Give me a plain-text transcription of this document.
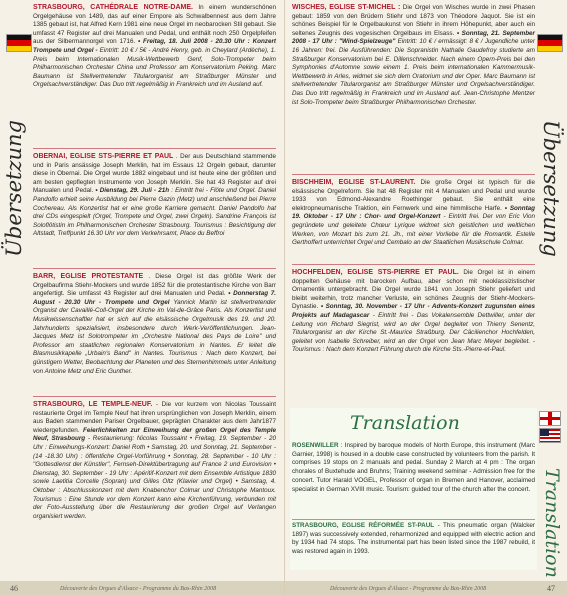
Übersetzung
STRASBOURG, CATHÉDRALE NOTRE-DAME. In einem wunderschönen Orgelgehäuse von 1489, das auf einer Empore als Schwalbennest aus dem Jahre 1385 gebaut ist, hat Alfred Kern 1981 eine neue Orgel im neobarocken Stil gebaut. Sie umfasst 47 Register auf drei Manualen und Pedal, und enthält noch 250 Orgelpfeifen aus der Silbermannorgel von 1716. • Freitag, 18. Juli 2008 - 20.30 Uhr : Konzert Trompete und Orgel - Eintritt: 10 € / 5€ - André Henry, geb. in Cheylard (Ardèche), 1. Preis beim Internationalen Musik-Wettbewerb Genf, Solo-Trompeter beim Philharmonischen Orchester China und Professor am Konservatorium Peking. Marc Baumann ist Stellvertretender Titularorganist am Straßburger Münster und Orgelsachverständiger. Das Duo tritt regelmäßig in Frankreich und im Ausland auf.
OBERNAI, EGLISE STS-PIERRE ET PAUL . Der aus Deutschland stammende und in Paris ansässige Joseph Merklin, hat im Essaus 12 Orgeln gebaut, darunter diese in Obernai. Die Orgel wurde 1882 eingebaut und ist heute eine der größten und am besten gepflegten Instrumente von Joseph Merklin. Sie hat 43 Register auf drei Manualen und Pedal. • Dienstag, 29. Juli - 21h : Eintritt frei - Flöte und Orgel. Daniel Pandolfo erhielt seine Ausbildung bei Pierre Gazin (Metz) und anschließend bei Pierre Cochereau. Als Konzertist hat er eine große Karriere gemacht. Daniel Pandolfo hat drei CDs eingespielt (Orgel, Trompete und Orgel, zwei Orgeln). Sandrine François ist Soloflötistin im Philharmonischen Orchester Strasbourg. Tourismus : Besichtigung der Altstadt, Treffpunkt 16.30 Uhr vor dem Verkehrsamt, Place du Beffroi
BARR, EGLISE PROTESTANTE . Diese Orgel ist das größte Werk der Orgelbaufirma Stiehr-Mockers und wurde 1852 für die protestantische Kirche von Barr angefertigt. Sie umfasst 43 Register auf drei Manualen und Pedal. • Donnerstag 7. August - 20.30 Uhr - Trompete und Orgel Yannick Martin ist stellvertretender Organist der Cavaillé-Coll-Orgel der Kirche im Val-de-Grâce Paris. Als Konzertist und Musikwissenschaftler hat er sich auf die elsässische Orgelmusik des 19. und 20. Jahrhunderts spezialisiert, insbesondere durch Werk-Veröffentlichungen. Jean-Jacques Metz ist Solotrompeter im „Orchestre National des Pays de Loire" und Professor am staatlichen regionalen Konservatorium in Nantes. Er leitet die Blasmusikkapelle „Urbain's Band" in Nantes. Tourismus : Nach dem Konzert, bei günstigem Wetter, Beobachtung der Planeten und des Sternenhimmels unter Anleitung von Antoine Metz und Eric Gunther.
STRASBOURG, LE TEMPLE-NEUF. - Die vor kurzem von Nicolas Toussaint restaurierte Orgel im Temple Neuf hat ihren ursprünglichen von Joseph Merklin, einem aus Baden stammenden Pariser Orgelbauer, geprägten Charakter aus dem Jahr1877 wiedergefunden. Feierlichkeiten zur Einweihung der großen Orgel des Temple Neuf, Strasbourg - Restaurierung: Nicolas Toussaint • Freitag, 19. September - 20 Uhr : Einweihungs-Konzert: Daniel Roth • Samstag, 20. und Sonntag, 21. September - (14 -18.30 Uhr) : öffentliche Orgel-Vorführung • Sonntag, 28. September - 10 Uhr : "Gottesdienst der Künstler", Fernseh-Direktübertragung auf France 2 und Eurovision • Dienstag, 30. September - 19 Uhr : Apéritif-Konzert mit dem Ensemble Artistique 1830 sowie Laetitia Corcelle (Sopran) und Gilles Oltz (Klavier und Orgel) • Samstag, 4. Oktober : Abschlusskonzert mit dem Knabenchor Colmar und Christophe Mantoux. Tourismus : Eine Stunde vor dem Konzert kann eine Kirchenführung, verbunden mit der Foto-Ausstellung über die Restaurierung der großen Orgel auf Verlangen organisiert werden.
46	Découverte des Orgues d'Alsace - Programme du Bas-Rhin 2008
Übersetzung
Translation
WISCHES, EGLISE ST-MICHEL : Die Orgel von Wisches wurde in zwei Phasen gebaut: 1859 von den Brüdern Stiehr und 1873 von Théodore Jaquot. Sie ist ein schönes Beispiel für le Orgelbaukunst von Stiehr in ihrem Höhepunkt, aber auch ein seltenes Zeugnis des vogesischen Orgelbaus im Elsass. • Sonntag, 21. September 2008 - 17 Uhr : "Wind-Spielzeuge" Eintritt: 10 € / ermässigt: 8 € / Jugendliche unter 16 Jahren: frei. Die Ausführenden: Die Sopranistin Nathalie Gaudefroy studierte am Straßburger Konservatorium bei E. Dillenschneider. Nach einem Opern-Preis bei den Symphonies d'Automne sowie einem 1. Preis beim internationalen Kammermusik-Wettbewerb in Arles, widmet sie sich dem Oratorium und der Oper. Marc Baumann ist stellvertretender Titularorganist am Straßburger Münster und Orgelsachverständiger. Das Duo tritt regelmäßig in Frankreich und im Ausland auf. Jean-Christophe Mentzer ist Solo-Trompeter beim Straßburger Philharmonischen Orchester.
BISCHHEIM, EGLISE ST-LAURENT. Die große Orgel ist typisch für die elsässische Orgelreform. Sie hat 48 Register mit 4 Manualen und Pedal und wurde 1933 von Edmond-Alexandre Roethinger gebaut. Sie enthält eine elektropneumanische Traktion, ein Fernwerk und eine himmlische Harfe. • Sonntag 19. Oktober - 17 Uhr : Chor- und Orgel-Konzert - Eintritt frei. Der von Eric Vion gegründete und geleitete Chœur Lyrique widmet sich geistlichen und weltlichen Werken, von Mozart bis zum 21. Jh., mit einer Vorliebe für die Romantik. Estelle Gerthoffert unterrichtet Orgel und Cembalo an der Staatlichen Musikschule Colmar.
HOCHFELDEN, EGLISE STS-PIERRE ET PAUL. Die Orgel ist in einem doppelten Gehäuse mit barocken Aufbau, aber schon mit neoklassizistischer Ornamentik untergebracht. Die Orgel wurde 1841 von Joseph Stiehr geliefert und bleibt weiterhin, trotz mancher Verluste, ein schönes Zeugnis der Stiehr-Mockers-Dynastie. • Sonntag, 30. November - 17 Uhr - Advents-Konzert zugunsten eines Projekts auf Madagascar - Eintritt frei - Das Vokalensemble Dettwiller, unter der Leitung von Richard Siegrist, wird an der Orgel begleitet von Thierry Senentz, Titularorganist an der Kirche St.-Maurice Straßburg. Der Cäcilienchor Hochfelden, geleitet von Isabelle Schreiber, wird an der Orgel von Jean Marc Meyer begleitet. - Tourismus : Nach dem Konzert Führung durch die Kirche Sts.-Pierre-et-Paul.
Translation
ROSENWILLER : Inspired by baroque models of North Europe, this instrument (Marc Garnier, 1998) is housed in a double case constructed by volunteers from the parish. It comprises 19 stops on 2 manuals and pedal. Sunday 2 March at 4 pm : The organ chorales of Buxtehude and Bruhns; Training weekend seminar - Admission free for the concert. Tutor Harald VOGEL, Professor of organ in Bremen and Hanover, acclaimed specialist in German XVIII music. Tourism: guided tour of the church after the concert.
STRASBOURG, EGLISE RÉFORMÉE ST-PAUL - This pneumatic organ (Walcker 1897) was successively extended, reharmonized and equipped with electric action and by 1934 had 74 stops. The instrumental part has been listed since the 1987 rebuild, it was restored again in 1993.
47
Découverte des Orgues d'Alsace - Programme du Bas-Rhin 2008
